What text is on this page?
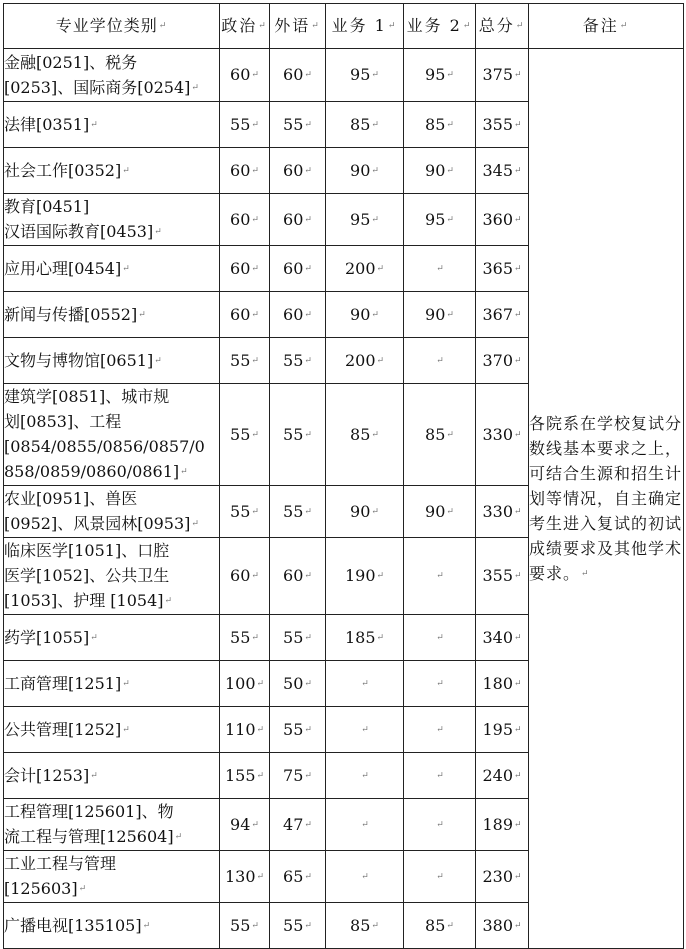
专业学位类别↵	政治↵	外语↵	业务 1↵	业务 2↵	总分↵	备注↵

金融[0251]、税务
[0253]、国际商务[0254]↵	60↵	60↵	95↵	95↵	375↵	各院系在学校复试分数线基本要求之上，可结合生源和招生计划等情况，自主确定考生进入复试的初试成绩要求及其他学术要求。↵

法律[0351]↵	55↵	55↵	85↵	85↵	355↵	

社会工作[0352]↵	60↵	60↵	90↵	90↵	345↵	

教育[0451]
汉语国际教育[0453]↵	60↵	60↵	95↵	95↵	360↵	

应用心理[0454]↵	60↵	60↵	200↵	↵	365↵	

新闻与传播[0552]↵	60↵	60↵	90↵	90↵	367↵	

文物与博物馆[0651]↵	55↵	55↵	200↵	↵	370↵	

建筑学[0851]、城市规
划[0853]、工程
[0854/0855/0856/0857/0
858/0859/0860/0861]↵	55↵	55↵	85↵	85↵	330↵	

农业[0951]、兽医
[0952]、风景园林[0953]↵	55↵	55↵	90↵	90↵	330↵	

临床医学[1051]、口腔
医学[1052]、公共卫生
[1053]、护理 [1054]↵	60↵	60↵	190↵	↵	355↵	

药学[1055]↵	55↵	55↵	185↵	↵	340↵	

工商管理[1251]↵	100↵	50↵	↵	↵	180↵	

公共管理[1252]↵	110↵	55↵	↵	↵	195↵	

会计[1253]↵	155↵	75↵	↵	↵	240↵	

工程管理[125601]、物
流工程与管理[125604]↵	94↵	47↵	↵	↵	189↵	

工业工程与管理
[125603]↵	130↵	65↵	↵	↵	230↵	

广播电视[135105]↵	55↵	55↵	85↵	85↵	380↵	
